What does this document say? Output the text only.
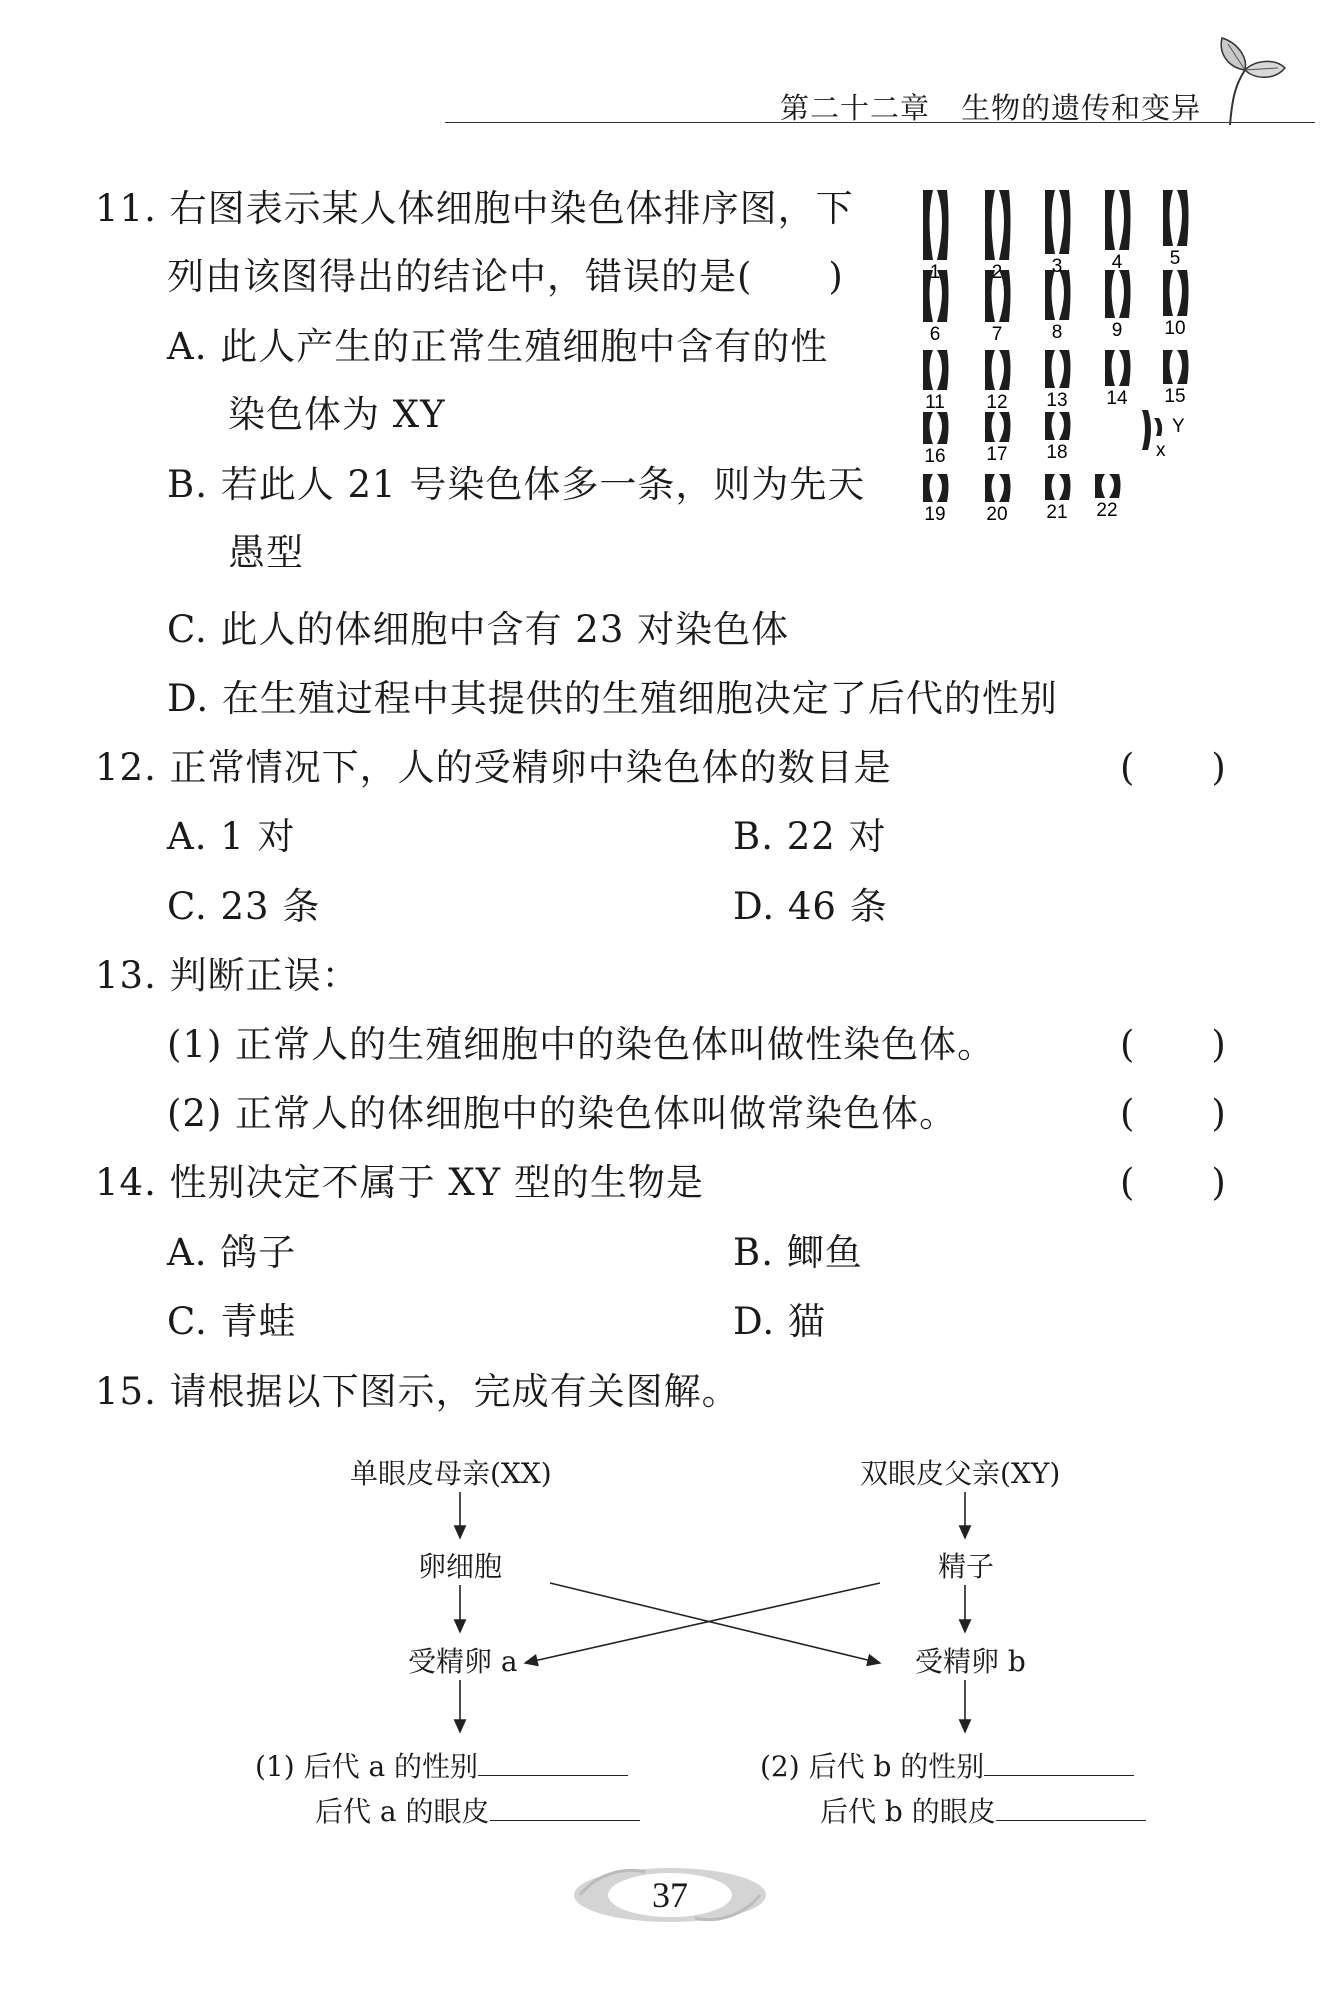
第二十二章 生物的遗传和变异
11. 右图表示某人体细胞中染色体排序图，下
列由该图得出的结论中，错误的是(　　)
A. 此人产生的正常生殖细胞中含有的性
染色体为 XY
B. 若此人 21 号染色体多一条，则为先天
愚型
C. 此人的体细胞中含有 23 对染色体
D. 在生殖过程中其提供的生殖细胞决定了后代的性别
1	2	3	4 5
6	7	8	9 10
11 12 13 14 15
16 17 18
19 20 21 22
Y
x
12. 正常情况下，人的受精卵中染色体的数目是	(　　)
A. 1 对	B. 22 对
C. 23 条	D. 46 条
13. 判断正误：
(1) 正常人的生殖细胞中的染色体叫做性染色体。	(　　)
(2) 正常人的体细胞中的染色体叫做常染色体。	(　　)
14. 性别决定不属于 XY 型的生物是	(　　)
A. 鸽子	B. 鲫鱼
C. 青蛙	D. 猫
15. 请根据以下图示，完成有关图解。
单眼皮母亲(XX)	双眼皮父亲(XY)
卵细胞	精子
受精卵 a	受精卵 b
(1) 后代 a 的性别
后代 a 的眼皮
(2) 后代 b 的性别
后代 b 的眼皮
37
